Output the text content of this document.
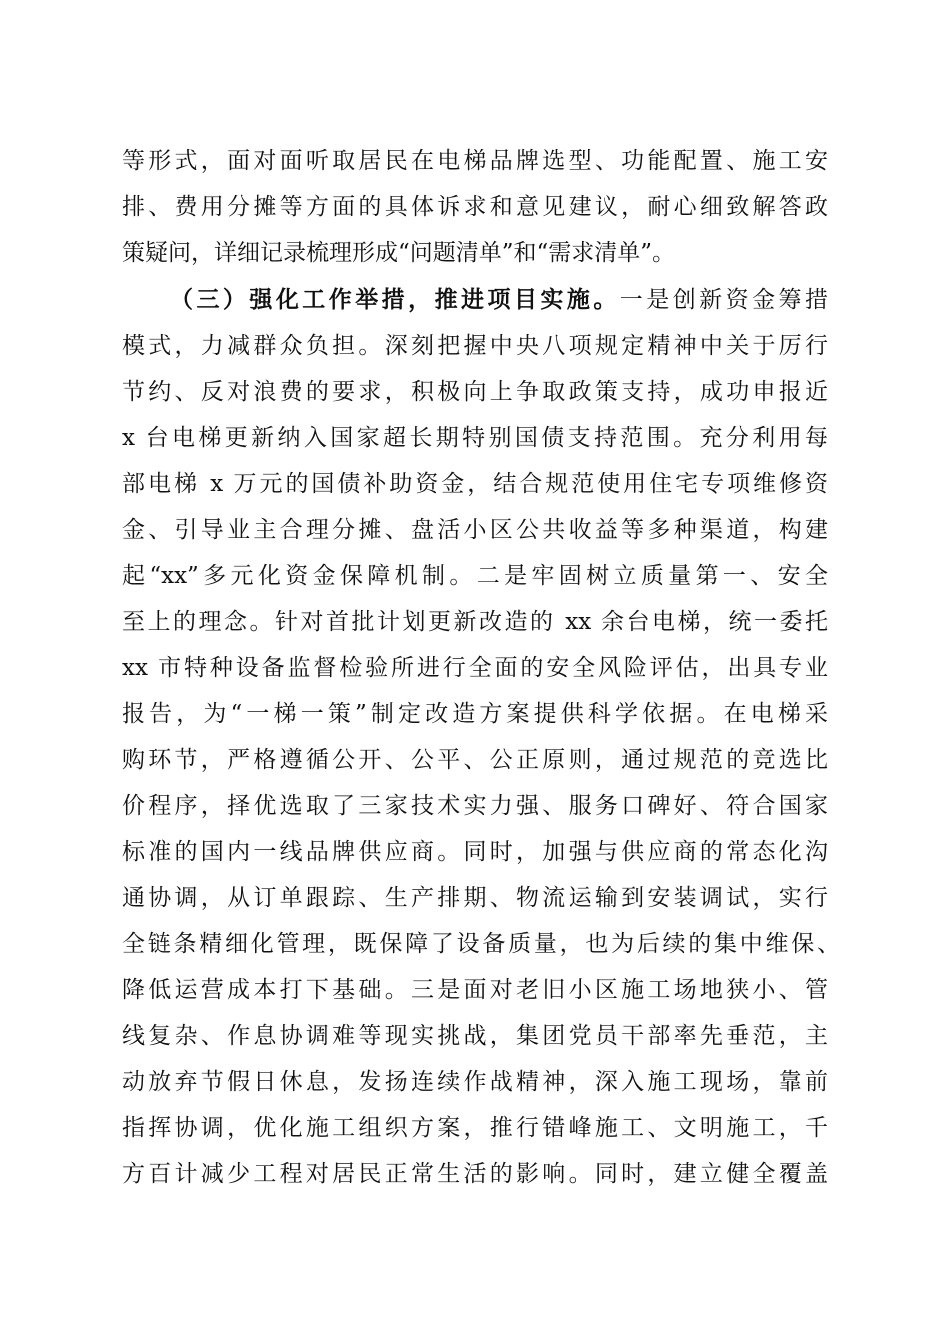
等形式，面对面听取居民在电梯品牌选型、功能配置、施工安
排、费用分摊等方面的具体诉求和意见建议，耐心细致解答政
策疑问，详细记录梳理形成“问题清单”和“需求清单”。
（三）强化工作举措，推进项目实施。一是创新资金筹措
模式，力减群众负担。深刻把握中央八项规定精神中关于厉行
节约、反对浪费的要求，积极向上争取政策支持，成功申报近
x 台电梯更新纳入国家超长期特别国债支持范围。充分利用每
部电梯 x 万元的国债补助资金，结合规范使用住宅专项维修资
金、引导业主合理分摊、盘活小区公共收益等多种渠道，构建
起“xx”多元化资金保障机制。二是牢固树立质量第一、安全
至上的理念。针对首批计划更新改造的 xx 余台电梯，统一委托
xx 市特种设备监督检验所进行全面的安全风险评估，出具专业
报告，为“一梯一策”制定改造方案提供科学依据。在电梯采
购环节，严格遵循公开、公平、公正原则，通过规范的竞选比
价程序，择优选取了三家技术实力强、服务口碑好、符合国家
标准的国内一线品牌供应商。同时，加强与供应商的常态化沟
通协调，从订单跟踪、生产排期、物流运输到安装调试，实行
全链条精细化管理，既保障了设备质量，也为后续的集中维保、
降低运营成本打下基础。三是面对老旧小区施工场地狭小、管
线复杂、作息协调难等现实挑战，集团党员干部率先垂范，主
动放弃节假日休息，发扬连续作战精神，深入施工现场，靠前
指挥协调，优化施工组织方案，推行错峰施工、文明施工，千
方百计减少工程对居民正常生活的影响。同时，建立健全覆盖
